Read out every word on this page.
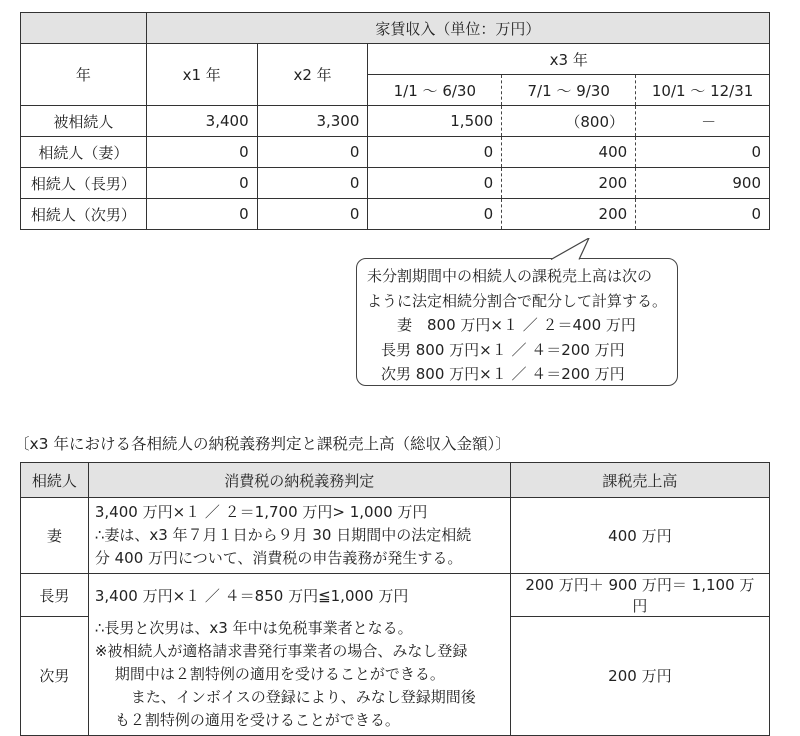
	家賃収入（単位：万円）				
年	x1 年	x2 年	x3 年		
			1/1 ～ 6/30	7/1 ～ 9/30	10/1 ～ 12/31
被相続人	3,400	3,300	1,500	（800）	－
相続人（妻）	0	0	0	400	0
相続人（長男）	0	0	0	200	900
相続人（次男）	0	0	0	200	0
未分割期間中の相続人の課税売上高は次の
ように法定相続分割合で配分して計算する。
妻　800 万円×１ ／ ２＝400 万円
長男 800 万円×１ ／ ４＝200 万円
次男 800 万円×１ ／ ４＝200 万円
〔x3 年における各相続人の納税義務判定と課税売上高（総収入金額）〕
相続人	消費税の納税義務判定	課税売上高
妻	3,400 万円×１ ／ ２＝1,700 万円> 1,000 万円
∴妻は、x3 年７月１日から９月 30 日期間中の法定相続
分 400 万円について、消費税の申告義務が発生する。	400 万円
長男	3,400 万円×１ ／ ４＝850 万円≦1,000 万円	200 万円＋ 900 万円＝ 1,100 万円
次男	∴長男と次男は、x3 年中は免税事業者となる。
※被相続人が適格請求書発行事業者の場合、みなし登録
期間中は２割特例の適用を受けることができる。
また、インボイスの登録により、みなし登録期間後
も２割特例の適用を受けることができる。	200 万円
